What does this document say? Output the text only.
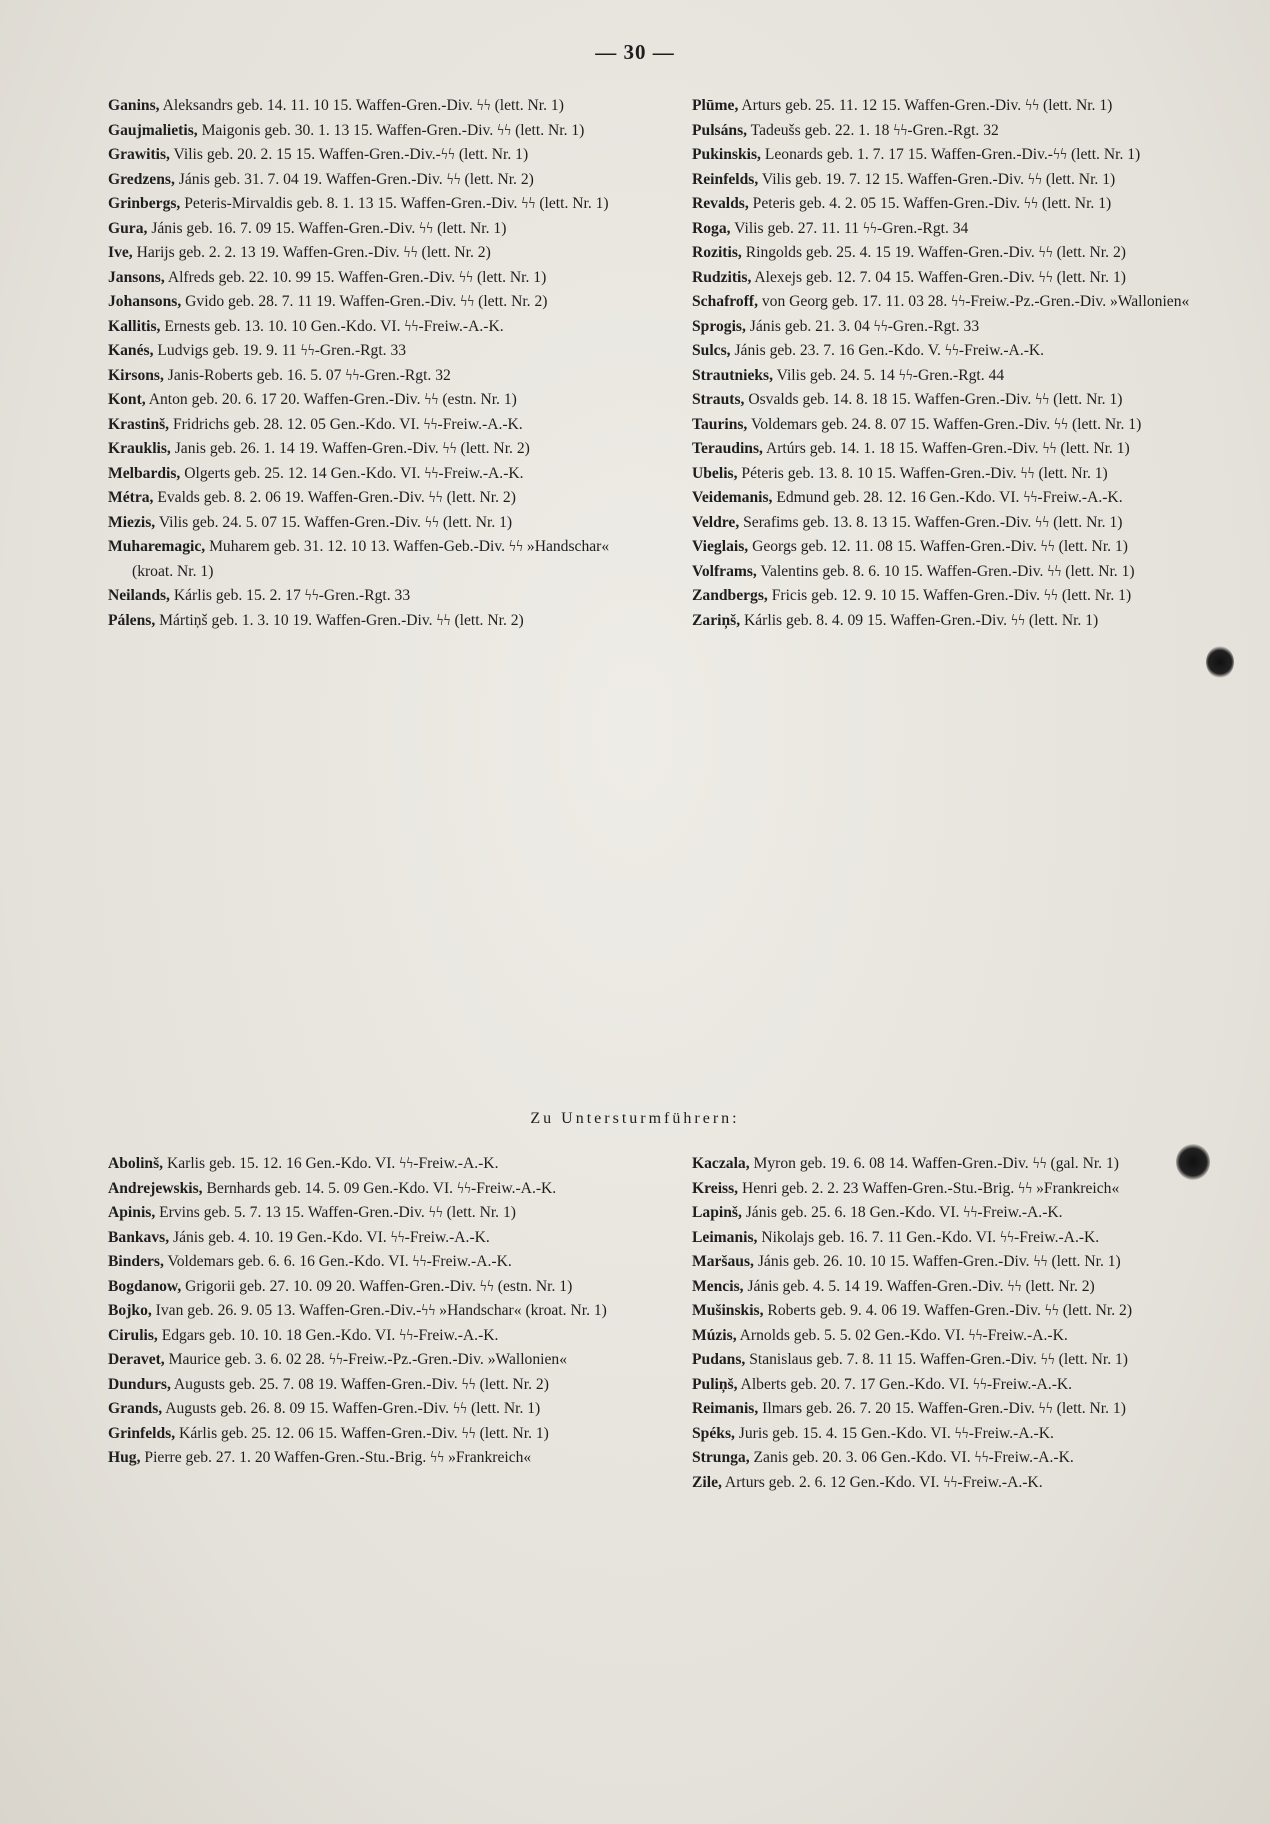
— 30 —
Ganins, Aleksandrs geb. 14. 11. 10 15. Waffen-Gren.-Div. ϟϟ (lett. Nr. 1)
Gaujmalietis, Maigonis geb. 30. 1. 13 15. Waffen-Gren.-Div. ϟϟ (lett. Nr. 1)
Grawitis, Vilis geb. 20. 2. 15 15. Waffen-Gren.-Div.-ϟϟ (lett. Nr. 1)
Gredzens, Jánis geb. 31. 7. 04 19. Waffen-Gren.-Div. ϟϟ (lett. Nr. 2)
Grinbergs, Peteris-Mirvaldis geb. 8. 1. 13 15. Waffen-Gren.-Div. ϟϟ (lett. Nr. 1)
Gura, Jánis geb. 16. 7. 09 15. Waffen-Gren.-Div. ϟϟ (lett. Nr. 1)
Ive, Harijs geb. 2. 2. 13 19. Waffen-Gren.-Div. ϟϟ (lett. Nr. 2)
Jansons, Alfreds geb. 22. 10. 99 15. Waffen-Gren.-Div. ϟϟ (lett. Nr. 1)
Johansons, Gvido geb. 28. 7. 11 19. Waffen-Gren.-Div. ϟϟ (lett. Nr. 2)
Kallitis, Ernests geb. 13. 10. 10 Gen.-Kdo. VI. ϟϟ-Freiw.-A.-K.
Kanés, Ludvigs geb. 19. 9. 11 ϟϟ-Gren.-Rgt. 33
Kirsons, Janis-Roberts geb. 16. 5. 07 ϟϟ-Gren.-Rgt. 32
Kont, Anton geb. 20. 6. 17 20. Waffen-Gren.-Div. ϟϟ (estn. Nr. 1)
Krastinš, Fridrichs geb. 28. 12. 05 Gen.-Kdo. VI. ϟϟ-Freiw.-A.-K.
Krauklis, Janis geb. 26. 1. 14 19. Waffen-Gren.-Div. ϟϟ (lett. Nr. 2)
Melbardis, Olgerts geb. 25. 12. 14 Gen.-Kdo. VI. ϟϟ-Freiw.-A.-K.
Métra, Evalds geb. 8. 2. 06 19. Waffen-Gren.-Div. ϟϟ (lett. Nr. 2)
Miezis, Vilis geb. 24. 5. 07 15. Waffen-Gren.-Div. ϟϟ (lett. Nr. 1)
Muharemagic, Muharem geb. 31. 12. 10 13. Waffen-Geb.-Div. ϟϟ »Handschar« (kroat. Nr. 1)
Neilands, Kárlis geb. 15. 2. 17 ϟϟ-Gren.-Rgt. 33
Pálens, Mártiņš geb. 1. 3. 10 19. Waffen-Gren.-Div. ϟϟ (lett. Nr. 2)
Plūme, Arturs geb. 25. 11. 12 15. Waffen-Gren.-Div. ϟϟ (lett. Nr. 1)
Pulsáns, Tadeušs geb. 22. 1. 18 ϟϟ-Gren.-Rgt. 32
Pukinskis, Leonards geb. 1. 7. 17 15. Waffen-Gren.-Div.-ϟϟ (lett. Nr. 1)
Reinfelds, Vilis geb. 19. 7. 12 15. Waffen-Gren.-Div. ϟϟ (lett. Nr. 1)
Revalds, Peteris geb. 4. 2. 05 15. Waffen-Gren.-Div. ϟϟ (lett. Nr. 1)
Roga, Vilis geb. 27. 11. 11 ϟϟ-Gren.-Rgt. 34
Rozitis, Ringolds geb. 25. 4. 15 19. Waffen-Gren.-Div. ϟϟ (lett. Nr. 2)
Rudzitis, Alexejs geb. 12. 7. 04 15. Waffen-Gren.-Div. ϟϟ (lett. Nr. 1)
Schafroff, von Georg geb. 17. 11. 03 28. ϟϟ-Freiw.-Pz.-Gren.-Div. »Wallonien«
Sprogis, Jánis geb. 21. 3. 04 ϟϟ-Gren.-Rgt. 33
Sulcs, Jánis geb. 23. 7. 16 Gen.-Kdo. V. ϟϟ-Freiw.-A.-K.
Strautnieks, Vilis geb. 24. 5. 14 ϟϟ-Gren.-Rgt. 44
Strauts, Osvalds geb. 14. 8. 18 15. Waffen-Gren.-Div. ϟϟ (lett. Nr. 1)
Taurins, Voldemars geb. 24. 8. 07 15. Waffen-Gren.-Div. ϟϟ (lett. Nr. 1)
Teraudins, Artúrs geb. 14. 1. 18 15. Waffen-Gren.-Div. ϟϟ (lett. Nr. 1)
Ubelis, Péteris geb. 13. 8. 10 15. Waffen-Gren.-Div. ϟϟ (lett. Nr. 1)
Veidemanis, Edmund geb. 28. 12. 16 Gen.-Kdo. VI. ϟϟ-Freiw.-A.-K.
Veldre, Serafims geb. 13. 8. 13 15. Waffen-Gren.-Div. ϟϟ (lett. Nr. 1)
Vieglais, Georgs geb. 12. 11. 08 15. Waffen-Gren.-Div. ϟϟ (lett. Nr. 1)
Volframs, Valentins geb. 8. 6. 10 15. Waffen-Gren.-Div. ϟϟ (lett. Nr. 1)
Zandbergs, Fricis geb. 12. 9. 10 15. Waffen-Gren.-Div. ϟϟ (lett. Nr. 1)
Zariņš, Kárlis geb. 8. 4. 09 15. Waffen-Gren.-Div. ϟϟ (lett. Nr. 1)
Zu Untersturmführern:
Abolinš, Karlis geb. 15. 12. 16 Gen.-Kdo. VI. ϟϟ-Freiw.-A.-K.
Andrejewskis, Bernhards geb. 14. 5. 09 Gen.-Kdo. VI. ϟϟ-Freiw.-A.-K.
Apinis, Ervins geb. 5. 7. 13 15. Waffen-Gren.-Div. ϟϟ (lett. Nr. 1)
Bankavs, Jánis geb. 4. 10. 19 Gen.-Kdo. VI. ϟϟ-Freiw.-A.-K.
Binders, Voldemars geb. 6. 6. 16 Gen.-Kdo. VI. ϟϟ-Freiw.-A.-K.
Bogdanow, Grigorii geb. 27. 10. 09 20. Waffen-Gren.-Div. ϟϟ (estn. Nr. 1)
Bojko, Ivan geb. 26. 9. 05 13. Waffen-Gren.-Div.-ϟϟ »Handschar« (kroat. Nr. 1)
Cirulis, Edgars geb. 10. 10. 18 Gen.-Kdo. VI. ϟϟ-Freiw.-A.-K.
Deravet, Maurice geb. 3. 6. 02 28. ϟϟ-Freiw.-Pz.-Gren.-Div. »Wallonien«
Dundurs, Augusts geb. 25. 7. 08 19. Waffen-Gren.-Div. ϟϟ (lett. Nr. 2)
Grands, Augusts geb. 26. 8. 09 15. Waffen-Gren.-Div. ϟϟ (lett. Nr. 1)
Grinfelds, Kárlis geb. 25. 12. 06 15. Waffen-Gren.-Div. ϟϟ (lett. Nr. 1)
Hug, Pierre geb. 27. 1. 20 Waffen-Gren.-Stu.-Brig. ϟϟ »Frankreich«
Kaczala, Myron geb. 19. 6. 08 14. Waffen-Gren.-Div. ϟϟ (gal. Nr. 1)
Kreiss, Henri geb. 2. 2. 23 Waffen-Gren.-Stu.-Brig. ϟϟ »Frankreich«
Lapinš, Jánis geb. 25. 6. 18 Gen.-Kdo. VI. ϟϟ-Freiw.-A.-K.
Leimanis, Nikolajs geb. 16. 7. 11 Gen.-Kdo. VI. ϟϟ-Freiw.-A.-K.
Maršaus, Jánis geb. 26. 10. 10 15. Waffen-Gren.-Div. ϟϟ (lett. Nr. 1)
Mencis, Jánis geb. 4. 5. 14 19. Waffen-Gren.-Div. ϟϟ (lett. Nr. 2)
Mušinskis, Roberts geb. 9. 4. 06 19. Waffen-Gren.-Div. ϟϟ (lett. Nr. 2)
Múzis, Arnolds geb. 5. 5. 02 Gen.-Kdo. VI. ϟϟ-Freiw.-A.-K.
Pudans, Stanislaus geb. 7. 8. 11 15. Waffen-Gren.-Div. ϟϟ (lett. Nr. 1)
Puliņš, Alberts geb. 20. 7. 17 Gen.-Kdo. VI. ϟϟ-Freiw.-A.-K.
Reimanis, Ilmars geb. 26. 7. 20 15. Waffen-Gren.-Div. ϟϟ (lett. Nr. 1)
Spéks, Juris geb. 15. 4. 15 Gen.-Kdo. VI. ϟϟ-Freiw.-A.-K.
Strunga, Zanis geb. 20. 3. 06 Gen.-Kdo. VI. ϟϟ-Freiw.-A.-K.
Zile, Arturs geb. 2. 6. 12 Gen.-Kdo. VI. ϟϟ-Freiw.-A.-K.
